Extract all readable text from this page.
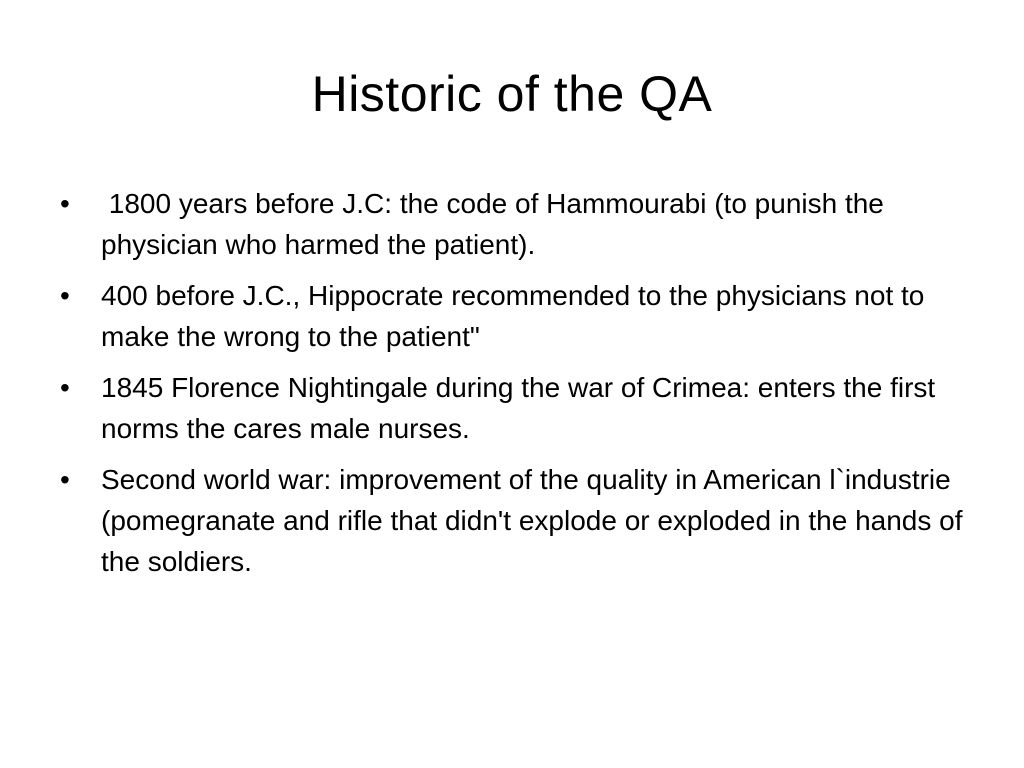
Historic of the QA
•	1800 years before J.C: the code of Hammourabi (to punish the physician who harmed the patient).
•	400 before J.C., Hippocrate recommended to the physicians not to make the wrong to the patient"
•	1845 Florence Nightingale during the war of Crimea: enters the first norms the cares male nurses.
•	Second world war: improvement of the quality in American l`industrie (pomegranate and rifle that didn't explode or exploded in the hands of the soldiers.
